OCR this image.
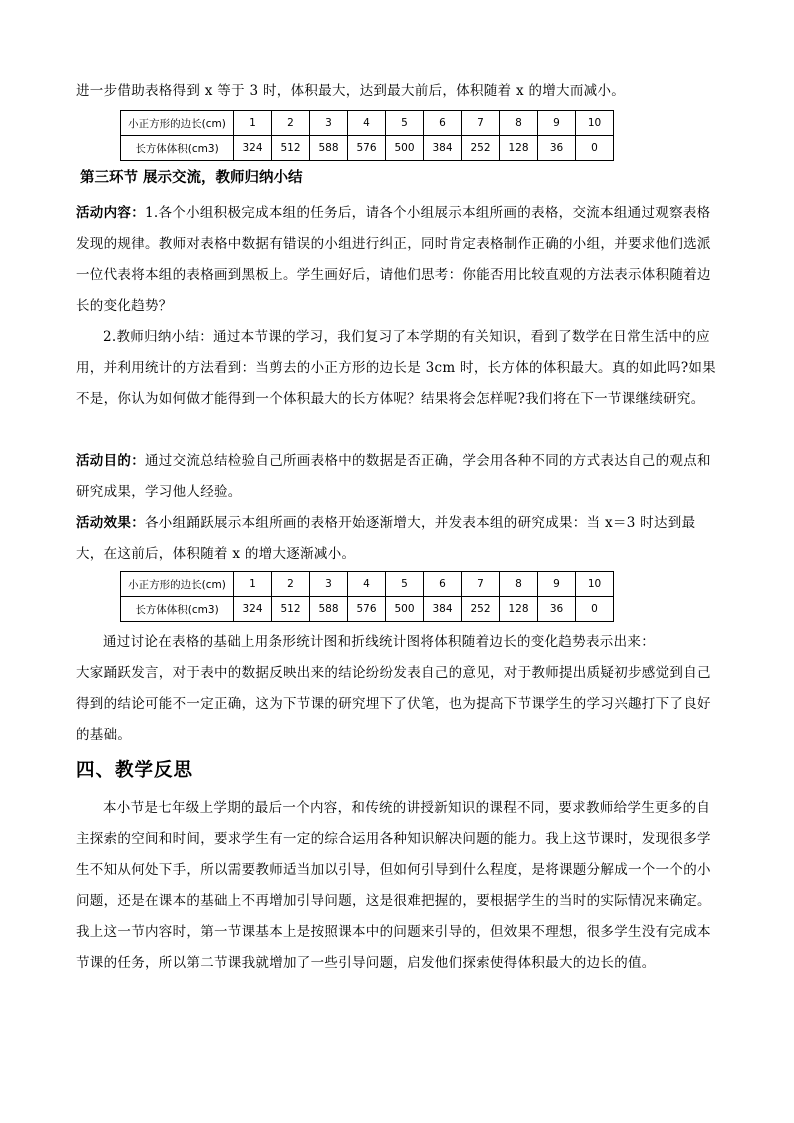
进一步借助表格得到 x 等于 3 时，体积最大，达到最大前后，体积随着 x 的增大而减小。

小正方形的边长(cm)	1	2	3	4	5	6	7	8	9	10
长方体体积(cm3)	324	512	588	576	500	384	252	128	36	0
第三环节 展示交流，教师归纳小结

活动内容：1.各个小组积极完成本组的任务后，请各个小组展示本组所画的表格，交流本组通过观察表格发现的规律。教师对表格中数据有错误的小组进行纠正，同时肯定表格制作正确的小组，并要求他们选派一位代表将本组的表格画到黑板上。学生画好后，请他们思考：你能否用比较直观的方法表示体积随着边长的变化趋势？

2.教师归纳小结：通过本节课的学习，我们复习了本学期的有关知识，看到了数学在日常生活中的应用，并利用统计的方法看到：当剪去的小正方形的边长是 3cm 时，长方体的体积最大。真的如此吗?如果不是，你认为如何做才能得到一个体积最大的长方体呢？结果将会怎样呢?我们将在下一节课继续研究。

活动目的：通过交流总结检验自己所画表格中的数据是否正确，学会用各种不同的方式表达自己的观点和研究成果，学习他人经验。

活动效果：各小组踊跃展示本组所画的表格开始逐渐增大，并发表本组的研究成果：当 x＝3 时达到最大，在这前后，体积随着 x 的增大逐渐减小。

小正方形的边长(cm)	1	2	3	4	5	6	7	8	9	10
长方体体积(cm3)	324	512	588	576	500	384	252	128	36	0

通过讨论在表格的基础上用条形统计图和折线统计图将体积随着边长的变化趋势表示出来：

大家踊跃发言，对于表中的数据反映出来的结论纷纷发表自己的意见，对于教师提出质疑初步感觉到自己得到的结论可能不一定正确，这为下节课的研究埋下了伏笔，也为提高下节课学生的学习兴趣打下了良好的基础。

四、教学反思

本小节是七年级上学期的最后一个内容，和传统的讲授新知识的课程不同，要求教师给学生更多的自主探索的空间和时间，要求学生有一定的综合运用各种知识解决问题的能力。我上这节课时，发现很多学生不知从何处下手，所以需要教师适当加以引导，但如何引导到什么程度，是将课题分解成一个一个的小问题，还是在课本的基础上不再增加引导问题，这是很难把握的，要根据学生的当时的实际情况来确定。我上这一节内容时，第一节课基本上是按照课本中的问题来引导的，但效果不理想，很多学生没有完成本节课的任务，所以第二节课我就增加了一些引导问题，启发他们探索使得体积最大的边长的值。
